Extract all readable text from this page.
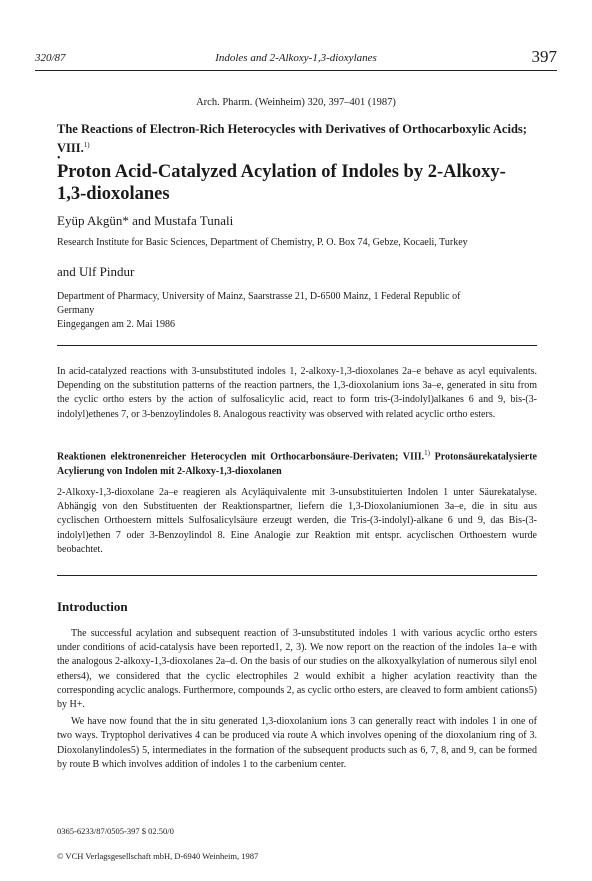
320/87	Indoles and 2-Alkoxy-1,3-dioxylanes	397
Arch. Pharm. (Weinheim) 320, 397–401 (1987)
The Reactions of Electron-Rich Heterocycles with Derivatives of Orthocarboxylic Acids; VIII.$^{1)}$
•
Proton Acid-Catalyzed Acylation of Indoles by 2-Alkoxy-1,3-dioxolanes
Eyüp Akgün* and Mustafa Tunali
Research Institute for Basic Sciences, Department of Chemistry, P. O. Box 74, Gebze, Kocaeli, Turkey
and Ulf Pindur
Department of Pharmacy, University of Mainz, Saarstrasse 21, D-6500 Mainz, 1 Federal Republic of
Germany
Eingegangen am 2. Mai 1986
In acid-catalyzed reactions with 3-unsubstituted indoles 1, 2-alkoxy-1,3-dioxolanes 2a–e behave as acyl equivalents. Depending on the substitution patterns of the reaction partners, the 1,3-dioxolanium ions 3a–e, generated in situ from the cyclic ortho esters by the action of sulfosalicylic acid, react to form tris-(3-indolyl)alkanes 6 and 9, bis-(3-indolyl)ethenes 7, or 3-benzoylindoles 8. Analogous reactivity was observed with related acyclic ortho esters.
Reaktionen elektronenreicher Heterocyclen mit Orthocarbonsäure-Derivaten; VIII.$^{1)}$ Protonsäurekatalysierte Acylierung von Indolen mit 2-Alkoxy-1,3-dioxolanen
2-Alkoxy-1,3-dioxolane 2a–e reagieren als Acyläquivalente mit 3-unsubstituierten Indolen 1 unter Säurekatalyse. Abhängig von den Substituenten der Reaktionspartner, liefern die 1,3-Dioxolaniumionen 3a–e, die in situ aus cyclischen Orthoestern mittels Sulfosalicylsäure erzeugt werden, die Tris-(3-indolyl)-alkane 6 und 9, das Bis-(3-indolyl)ethen 7 oder 3-Benzoylindol 8. Eine Analogie zur Reaktion mit entspr. acyclischen Orthoestern wurde beobachtet.
Introduction

The successful acylation and subsequent reaction of 3-unsubstituted indoles 1 with various acyclic ortho esters under conditions of acid-catalysis have been reported1, 2, 3). We now report on the reaction of the indoles 1a–e with the analogous 2-alkoxy-1,3-dioxolanes 2a–d. On the basis of our studies on the alkoxyalkylation of numerous silyl enol ethers4), we considered that the cyclic electrophiles 2 would exhibit a higher acylation reactivity than the corresponding acyclic analogs. Furthermore, compounds 2, as cyclic ortho esters, are cleaved to form ambient cations5) by H+.

We have now found that the in situ generated 1,3-dioxolanium ions 3 can generally react with indoles 1 in one of two ways. Tryptophol derivatives 4 can be produced via route A which involves opening of the dioxolanium ring of 3. Dioxolanylindoles5) 5, intermediates in the formation of the subsequent products such as 6, 7, 8, and 9, can be formed by route B which involves addition of indoles 1 to the carbenium center.

0365-6233/87/0505-397 $ 02.50/0
© VCH Verlagsgesellschaft mbH, D-6940 Weinheim, 1987
